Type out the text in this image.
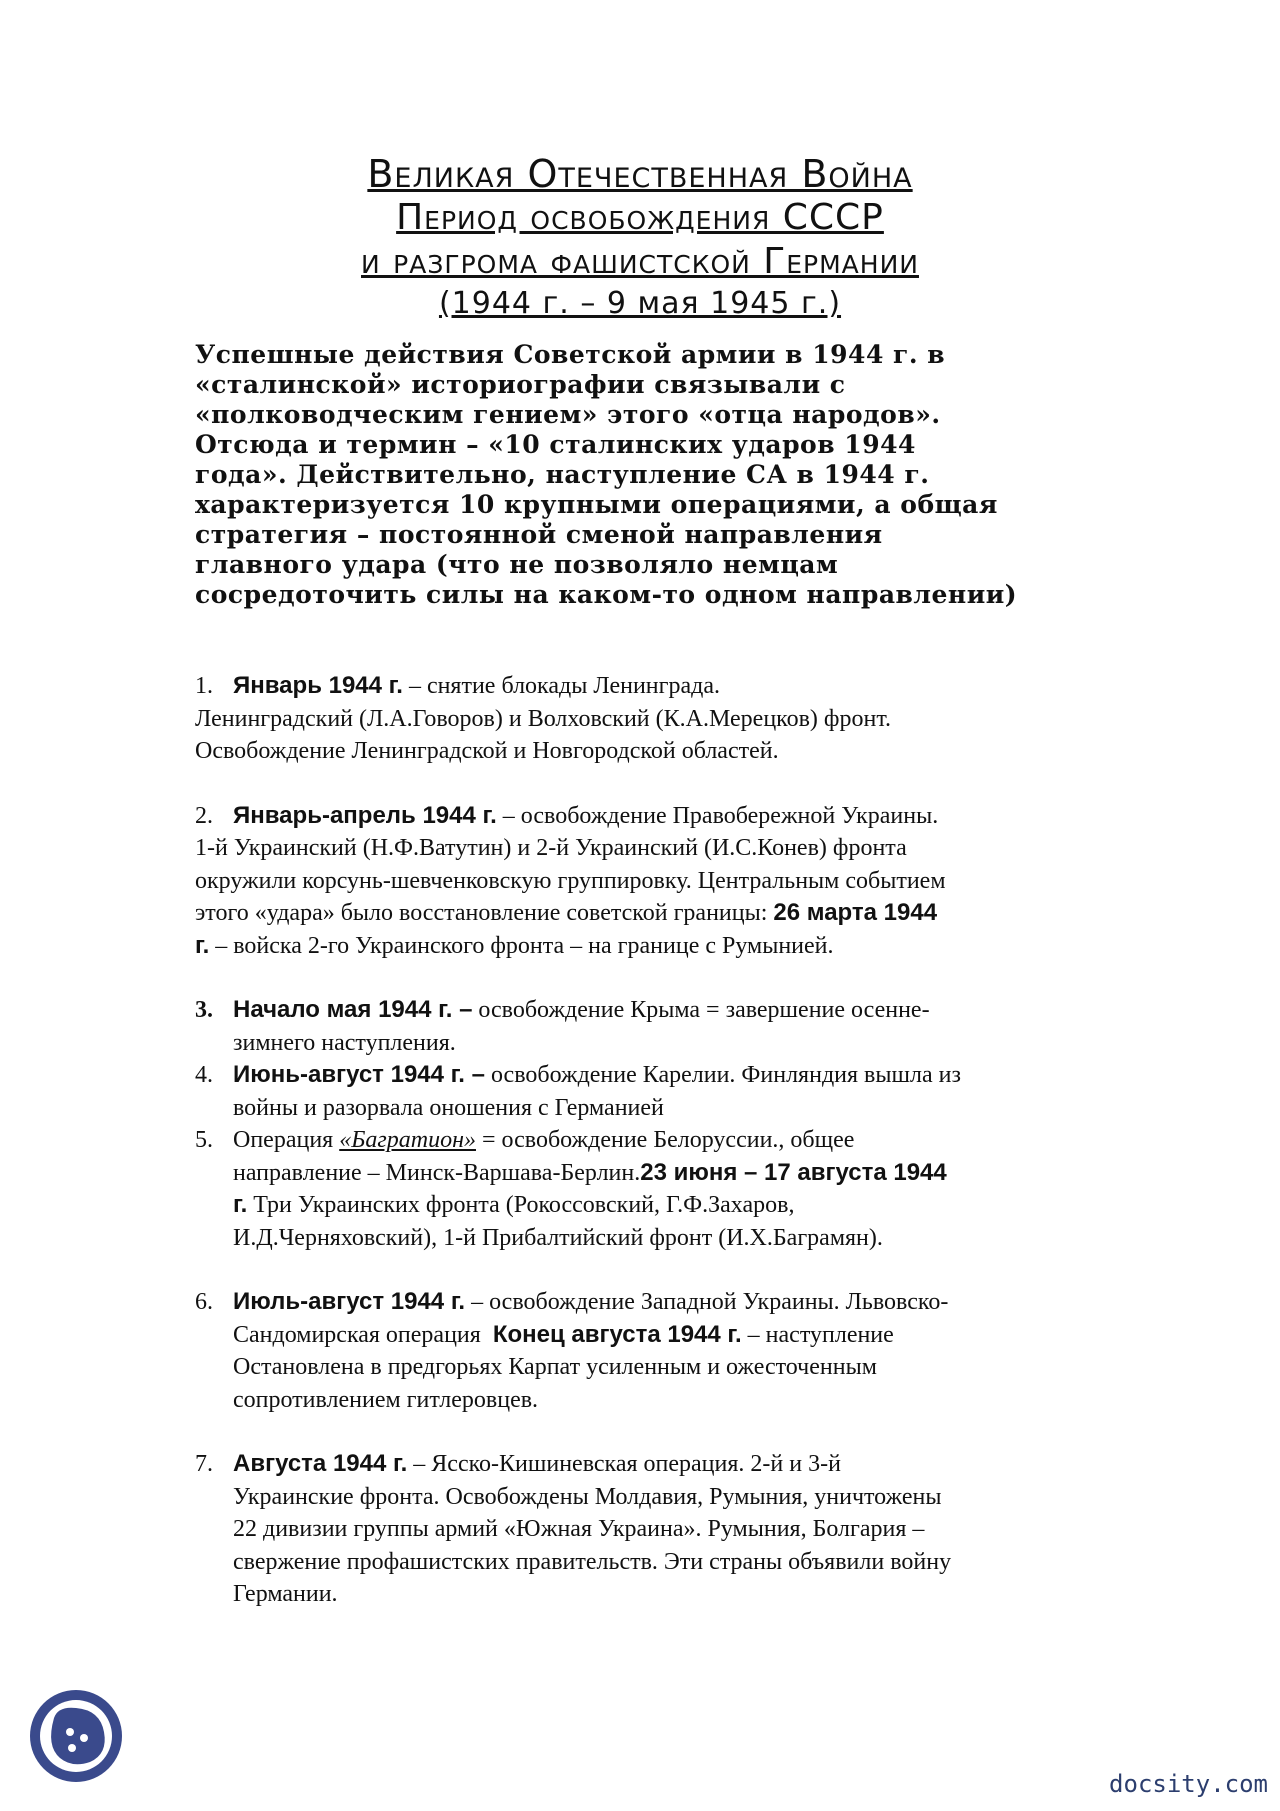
Великая Отечественная Война
Период освобождения СССР
и разгрома фашистской Германии
(1944 г. – 9 мая 1945 г.)
Успешные действия Советской армии в 1944 г. в
«сталинской» историографии связывали с
«полководческим гением» этого «отца народов».
Отсюда и термин – «10 сталинских ударов 1944
года». Действительно, наступление СА в 1944 г.
характеризуется 10 крупными операциями, а общая
стратегия – постоянной сменой направления
главного удара (что не позволяло немцам
сосредоточить силы на каком-то одном направлении)
1. Январь 1944 г. – снятие блокады Ленинграда.
Ленинградский (Л.А.Говоров) и Волховский (К.А.Мерецков) фронт.
Освобождение Ленинградской и Новгородской областей.
2. Январь-апрель 1944 г. – освобождение Правобережной Украины.
1-й Украинский (Н.Ф.Ватутин) и 2-й Украинский (И.С.Конев) фронта
окружили корсунь-шевченковскую группировку. Центральным событием
этого «удара» было восстановление советской границы: 26 марта 1944
г. – войска 2-го Украинского фронта – на границе с Румынией.
3. Начало мая 1944 г. – освобождение Крыма = завершение осенне-
зимнего наступления.
4. Июнь-август 1944 г. – освобождение Карелии. Финляндия вышла из
войны и разорвала оношения с Германией
5. Операция «Багратион» = освобождение Белоруссии., общее
направление – Минск-Варшава-Берлин.23 июня – 17 августа 1944
г. Три Украинских фронта (Рокоссовский, Г.Ф.Захаров,
И.Д.Черняховский), 1-й Прибалтийский фронт (И.Х.Баграмян).
6. Июль-август 1944 г. – освобождение Западной Украины. Львовско-
Сандомирская операция  Конец августа 1944 г. – наступление
Остановлена в предгорьях Карпат усиленным и ожесточенным
сопротивлением гитлеровцев.
7. Августа 1944 г. – Ясско-Кишиневская операция. 2-й и 3-й
Украинские фронта. Освобождены Молдавия, Румыния, уничтожены
22 дивизии группы армий «Южная Украина». Румыния, Болгария –
свержение профашистских правительств. Эти страны объявили войну
Германии.
docsity.com
